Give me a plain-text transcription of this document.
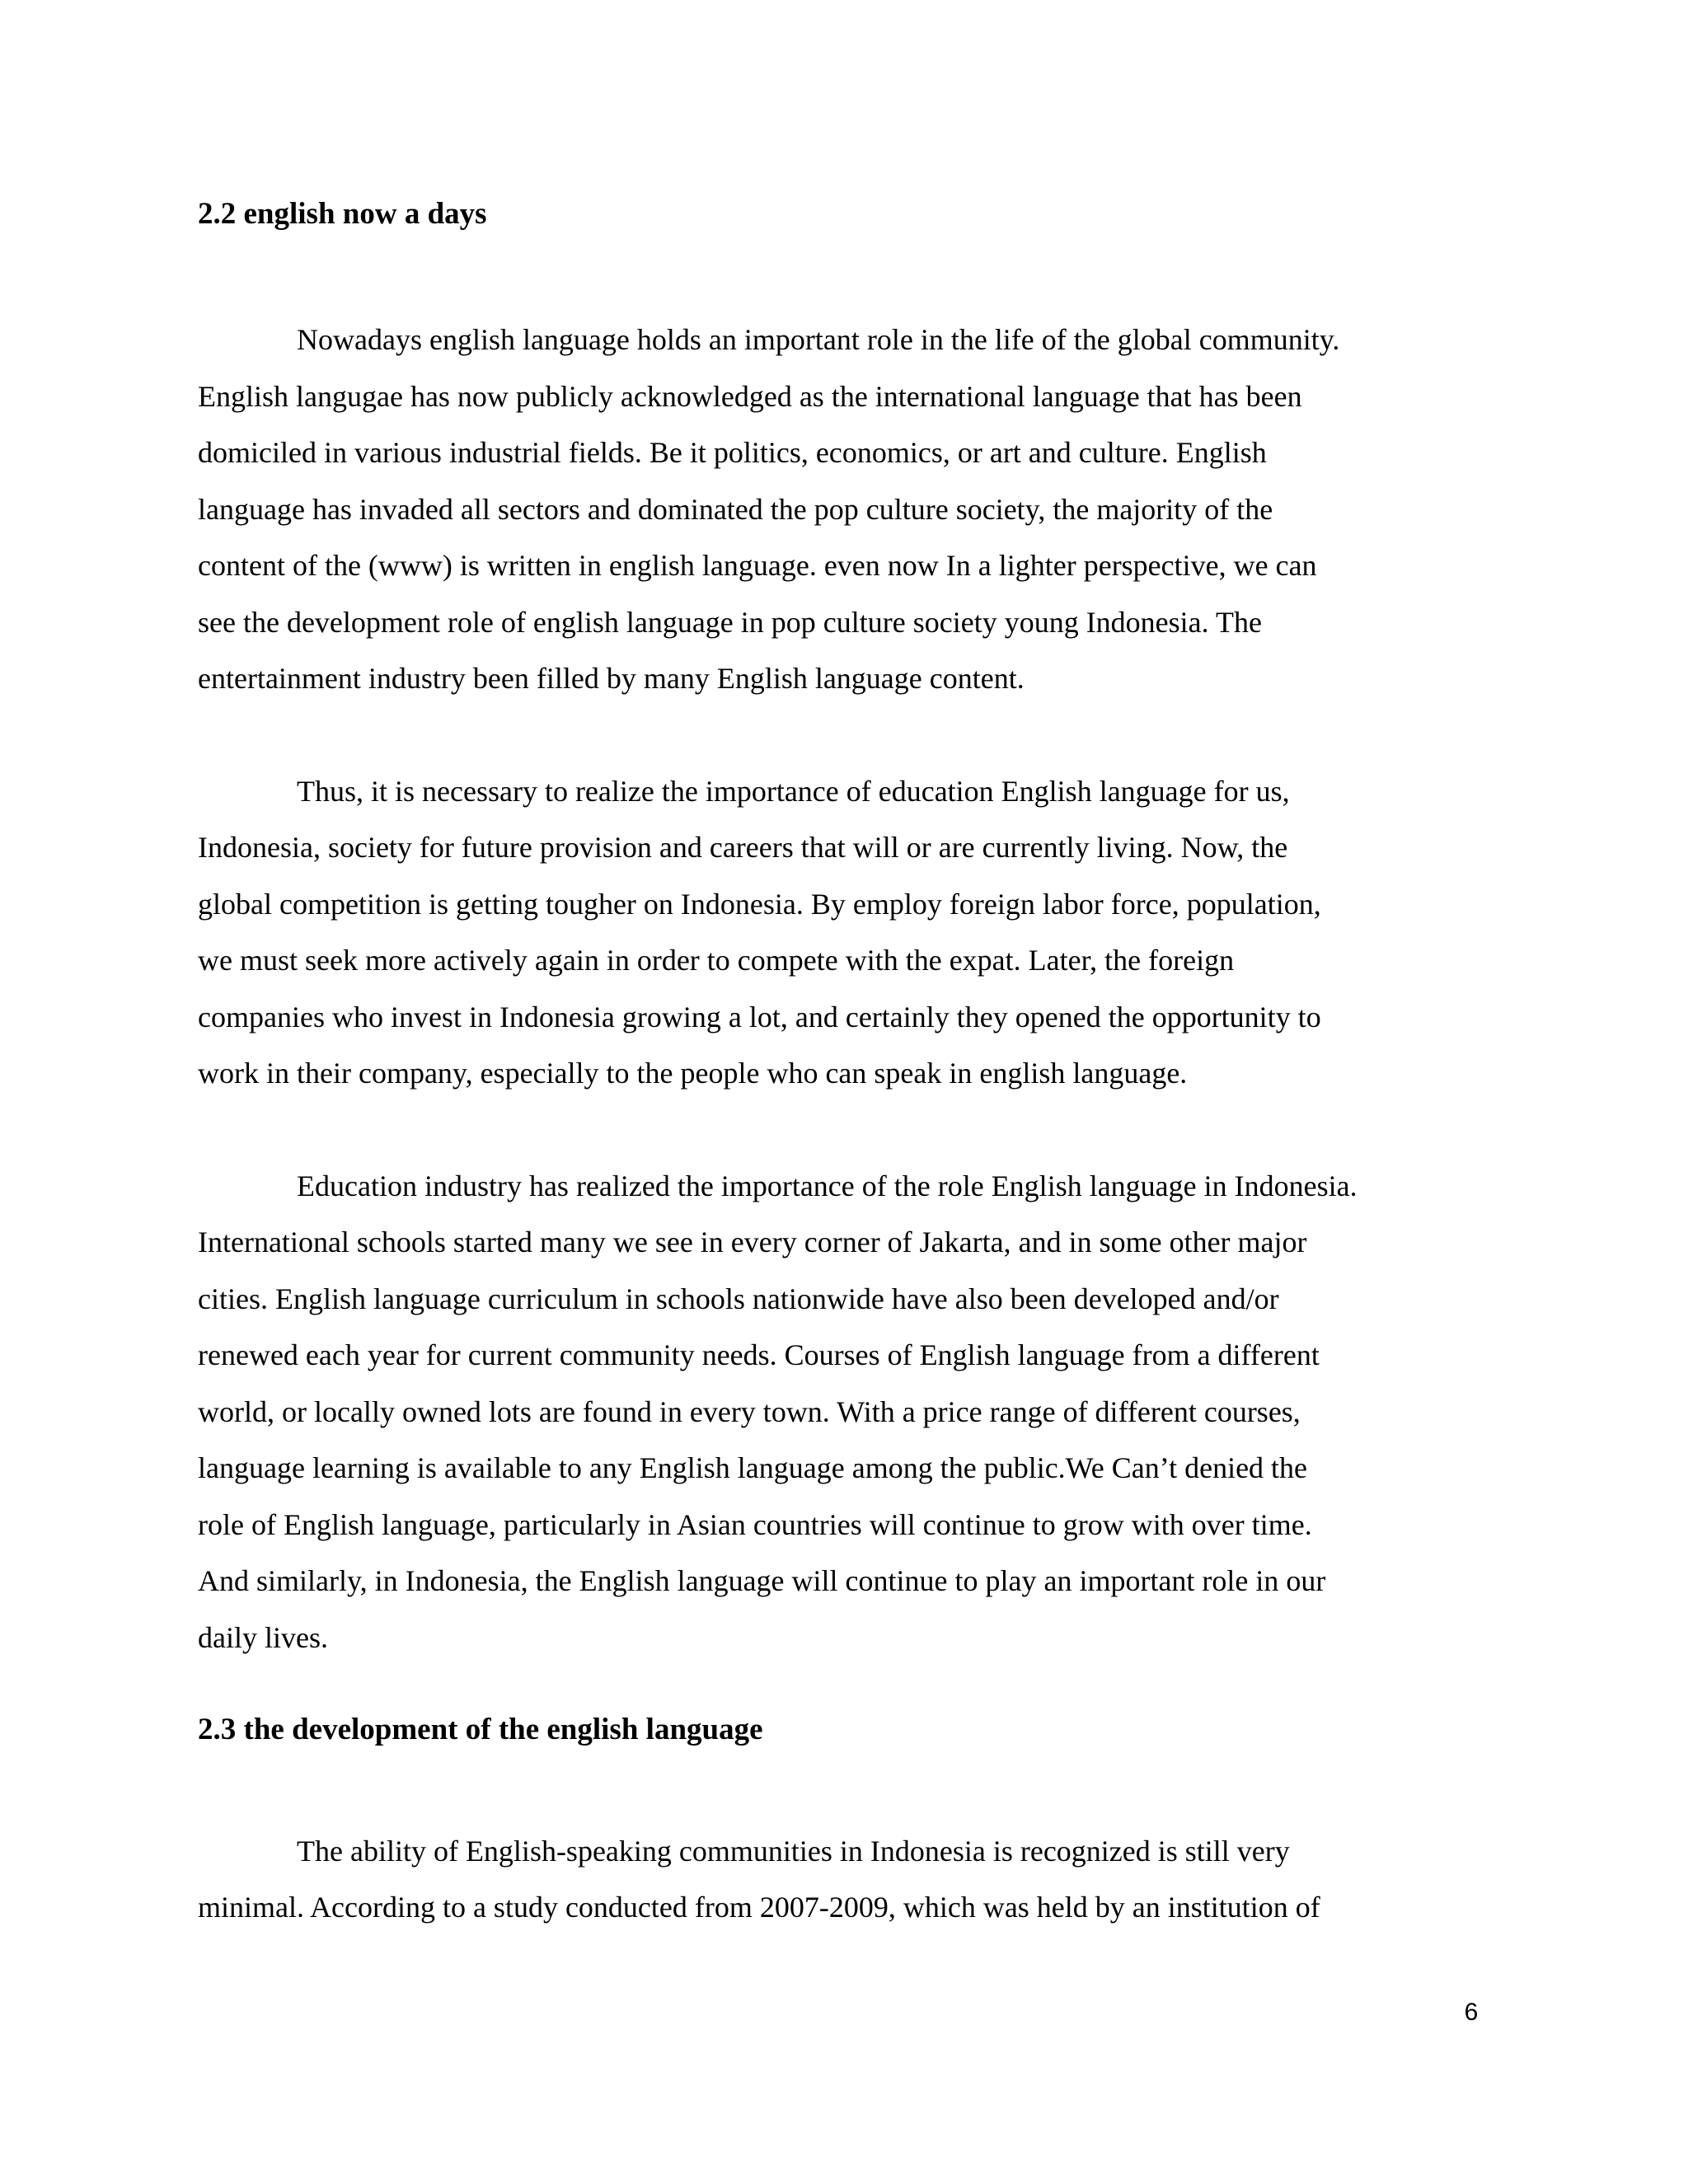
2.2 english now a days

Nowadays english language holds an important role in the life of the global community.

English langugae has now publicly acknowledged as the international language that has been

domiciled in various industrial fields. Be it politics, economics, or art and culture. English

language has invaded all sectors and dominated the pop culture society, the majority of the

content of the (www) is written in english language. even now In a lighter perspective, we can

see the development role of english language in pop culture society young Indonesia. The

entertainment industry been filled by many English language content.

Thus, it is necessary to realize the importance of education English language for us,

Indonesia, society for future provision and careers that will or are currently living. Now, the

global competition is getting tougher on Indonesia. By employ foreign labor force, population,

we must seek more actively again in order to compete with the expat. Later, the foreign

companies who invest in Indonesia growing a lot, and certainly they opened the opportunity to

work in their company, especially to the people who can speak in english language.

Education industry has realized the importance of the role English language in Indonesia.

International schools started many we see in every corner of Jakarta, and in some other major

cities. English language curriculum in schools nationwide have also been developed and/or

renewed each year for current community needs. Courses of English language from a different

world, or locally owned lots are found in every town. With a price range of different courses,

language learning is available to any English language among the public.We Can’t denied the

role of English language, particularly in Asian countries will continue to grow with over time.

And similarly, in Indonesia, the English language will continue to play an important role in our

daily lives.

2.3 the development of the english language

The ability of English-speaking communities in Indonesia is recognized is still very

minimal. According to a study conducted from 2007-2009, which was held by an institution of

6
